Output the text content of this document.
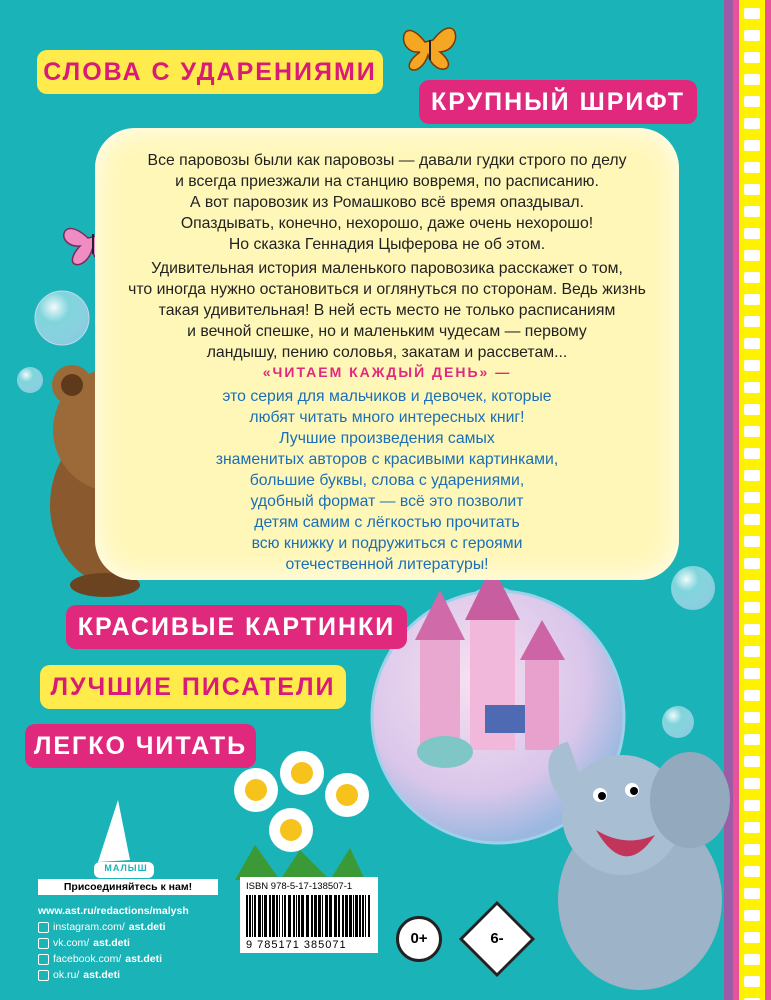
МАЛЫШ
СЛОВА С УДАРЕНИЯМИ
КРУПНЫЙ ШРИФТ
КРАСИВЫЕ КАРТИНКИ
ЛУЧШИЕ ПИСАТЕЛИ
ЛЕГКО ЧИТАТЬ

Все паровозы были как паровозы — давали гудки строго по делу

и всегда приезжали на станцию вовремя, по расписанию.

А вот паровозик из Ромашково всё время опаздывал.

Опаздывать, конечно, нехорошо, даже очень нехорошо!

Но сказка Геннадия Цыферова не об этом.

Удивительная история маленького паровозика расскажет о том,

что иногда нужно остановиться и оглянуться по сторонам. Ведь жизнь

такая удивительная! В ней есть место не только расписаниям

и вечной спешке, но и маленьким чудесам — первому

ландышу, пению соловья, закатам и рассветам...

«ЧИТАЕМ КАЖДЫЙ ДЕНЬ» —

это серия для мальчиков и девочек, которые

любят читать много интересных книг!

Лучшие произведения самых

знаменитых авторов с красивыми картинками,

большие буквы, слова с ударениями,

удобный формат — всё это позволит

детям самим с лёгкостью прочитать

всю книжку и подружиться с героями

отечественной литературы!

Присоединяйтесь к нам!
www.ast.ru/redactions/malysh
instagram.com/ ast.deti
vk.com/ ast.deti
facebook.com/ ast.deti
ok.ru/ ast.deti
ISBN 978-5-17-138507-1
9 785171 385071	0+	6-
